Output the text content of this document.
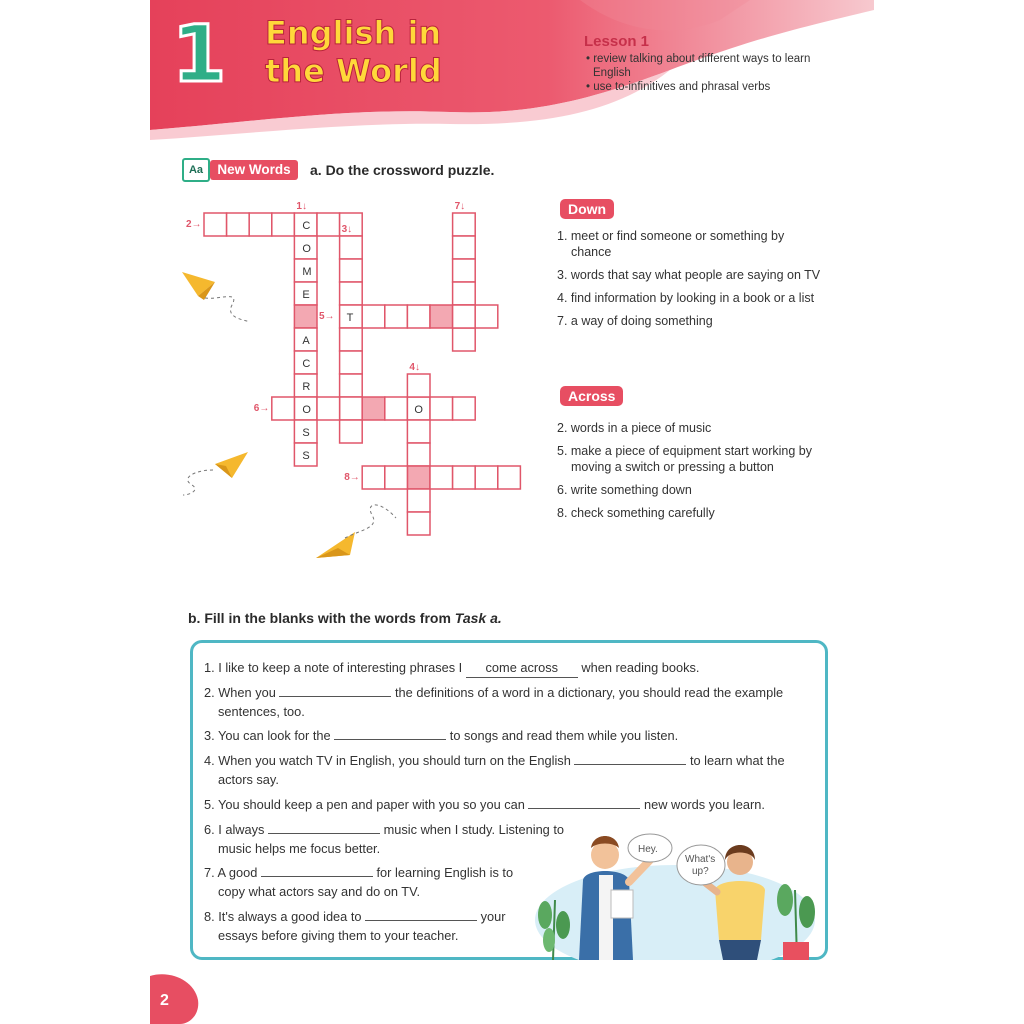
1 English in
the World
Lesson 1
• review talking about different ways to learn English
• use to-infinitives and phrasal verbs
Aa	New Words	a. Do the crossword puzzle.
C
O
M
E
A
C
R
O
S
S
T
O
1↓
2→	3↓
4↓
5→
6→
7↓
8→
Down
1. meet or find someone or something by chance
3. words that say what people are saying on TV
4. find information by looking in a book or a list
7. a way of doing something
Across
2. words in a piece of music
5. make a piece of equipment start working by moving a switch or pressing a button
6. write something down
8. check something carefully
b. Fill in the blanks with the words from Task a.
1. I like to keep a note of interesting phrases I come across when reading books.
2. When you	the definitions of a word in a dictionary, you should read the example
sentences, too.
3. You can look for the	to songs and read them while you listen.
4. When you watch TV in English, you should turn on the English	to learn what the
actors say.
5. You should keep a pen and paper with you so you can	new words you learn.
6. I always	music when I study. Listening to
music helps me focus better.
7. A good	for learning English is to
copy what actors say and do on TV.
8. It's always a good idea to	your
essays before giving them to your teacher.
Hey.
What's
up?
2
